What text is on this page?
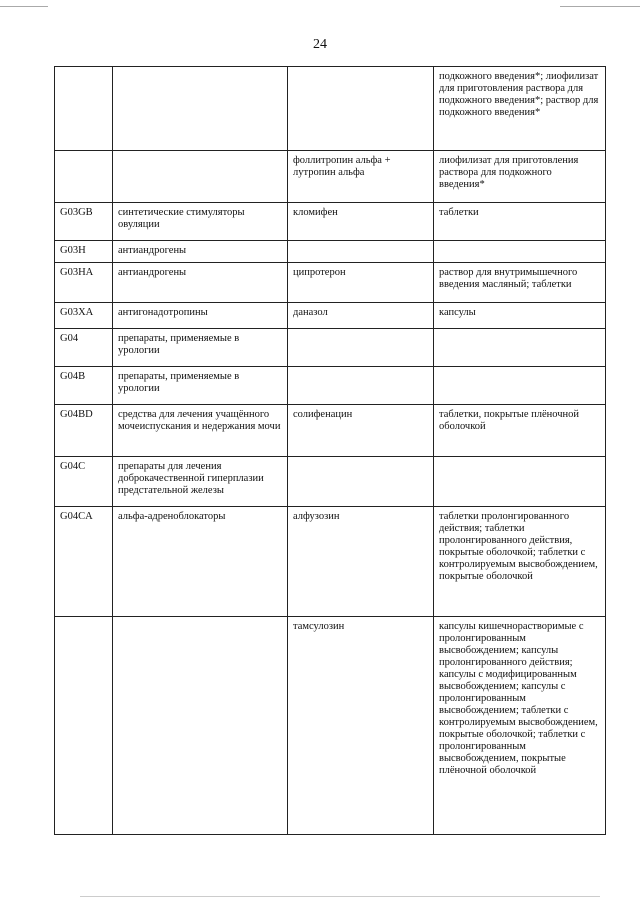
24
			подкожного введения*; лиофилизат для приготовления раствора для подкожного введения*; раствор для подкожного введения*
		фоллитропин альфа + лутропин альфа	лиофилизат для приготовления раствора для подкожного введения*
G03GB	синтетические стимуляторы овуляции	кломифен	таблетки
G03H	антиандрогены		
G03HA	антиандрогены	ципротерон	раствор для внутримышечного введения масляный; таблетки
G03XA	антигонадотропины	даназол	капсулы
G04	препараты, применяемые в урологии		
G04B	препараты, применяемые в урологии		
G04BD	средства для лечения учащённого мочеиспускания и недержания мочи	солифенацин	таблетки, покрытые плёночной оболочкой
G04C	препараты для лечения доброкачественной гиперплазии предстательной железы		
G04CA	альфа-адреноблокаторы	алфузозин	таблетки пролонгированного действия; таблетки пролонгированного действия, покрытые оболочкой; таблетки с контролируемым высвобождением, покрытые оболочкой
		тамсулозин	капсулы кишечнорастворимые с пролонгированным высвобождением; капсулы пролонгированного действия; капсулы с модифицированным высвобождением; капсулы с пролонгированным высвобождением; таблетки с контролируемым высвобождением, покрытые оболочкой; таблетки с пролонгированным высвобождением, покрытые плёночной оболочкой
